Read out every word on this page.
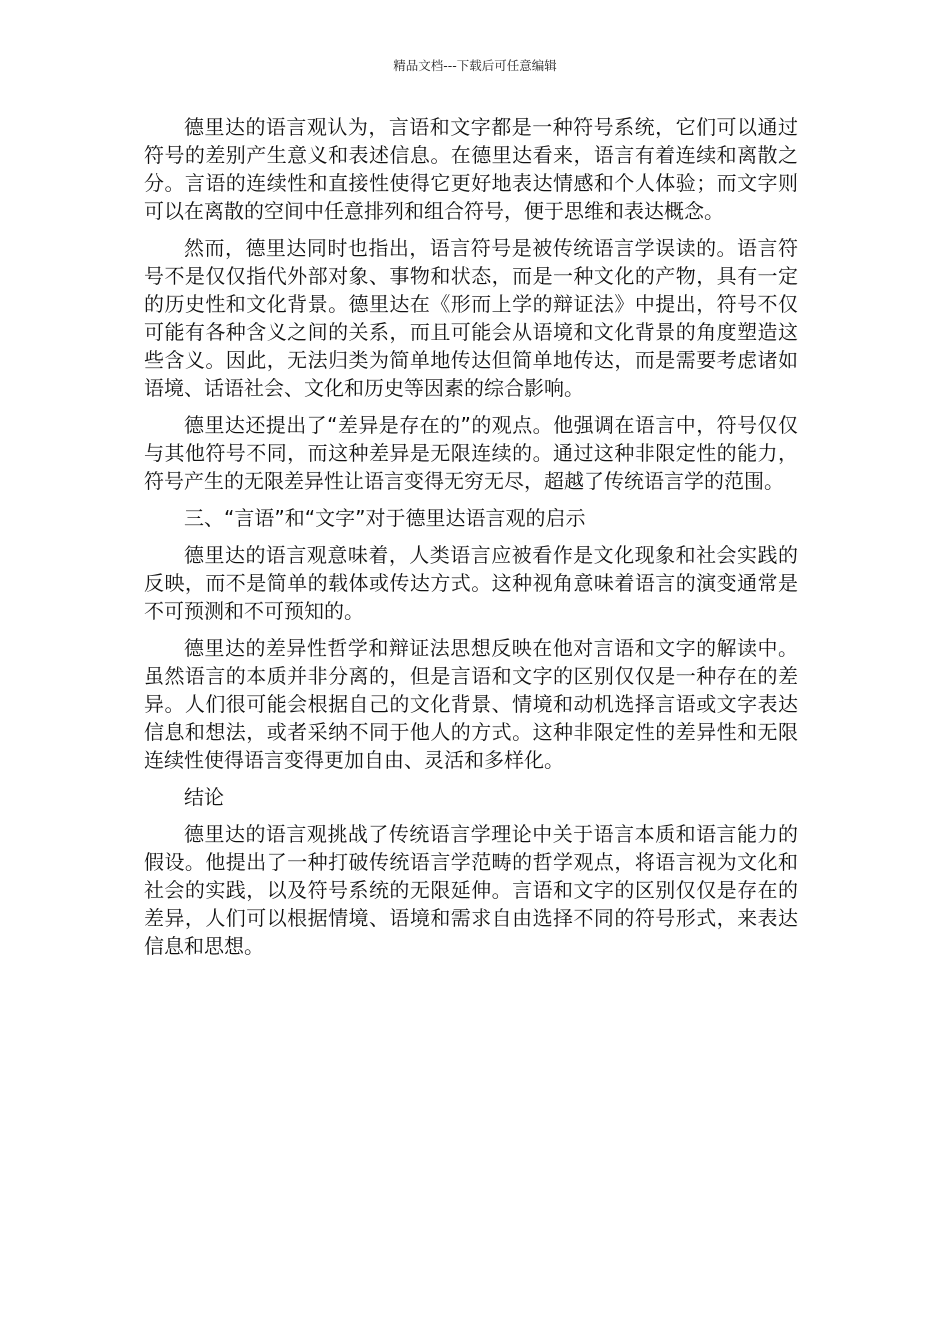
精品文档---下载后可任意编辑

德里达的语言观认为，言语和文字都是一种符号系统，它们可以通过符号的差别产生意义和表述信息。在德里达看来，语言有着连续和离散之分。言语的连续性和直接性使得它更好地表达情感和个人体验；而文字则可以在离散的空间中任意排列和组合符号，便于思维和表达概念。

然而，德里达同时也指出，语言符号是被传统语言学误读的。语言符号不是仅仅指代外部对象、事物和状态，而是一种文化的产物，具有一定的历史性和文化背景。德里达在《形而上学的辩证法》中提出，符号不仅可能有各种含义之间的关系，而且可能会从语境和文化背景的角度塑造这些含义。因此，无法归类为简单地传达但简单地传达，而是需要考虑诸如语境、话语社会、文化和历史等因素的综合影响。

德里达还提出了“差异是存在的”的观点。他强调在语言中，符号仅仅与其他符号不同，而这种差异是无限连续的。通过这种非限定性的能力，符号产生的无限差异性让语言变得无穷无尽，超越了传统语言学的范围。

三、“言语”和“文字”对于德里达语言观的启示

德里达的语言观意味着，人类语言应被看作是文化现象和社会实践的反映，而不是简单的载体或传达方式。这种视角意味着语言的演变通常是不可预测和不可预知的。

德里达的差异性哲学和辩证法思想反映在他对言语和文字的解读中。虽然语言的本质并非分离的，但是言语和文字的区别仅仅是一种存在的差异。人们很可能会根据自己的文化背景、情境和动机选择言语或文字表达信息和想法，或者采纳不同于他人的方式。这种非限定性的差异性和无限连续性使得语言变得更加自由、灵活和多样化。

结论

德里达的语言观挑战了传统语言学理论中关于语言本质和语言能力的假设。他提出了一种打破传统语言学范畴的哲学观点，将语言视为文化和社会的实践，以及符号系统的无限延伸。言语和文字的区别仅仅是存在的差异，人们可以根据情境、语境和需求自由选择不同的符号形式，来表达信息和思想。
